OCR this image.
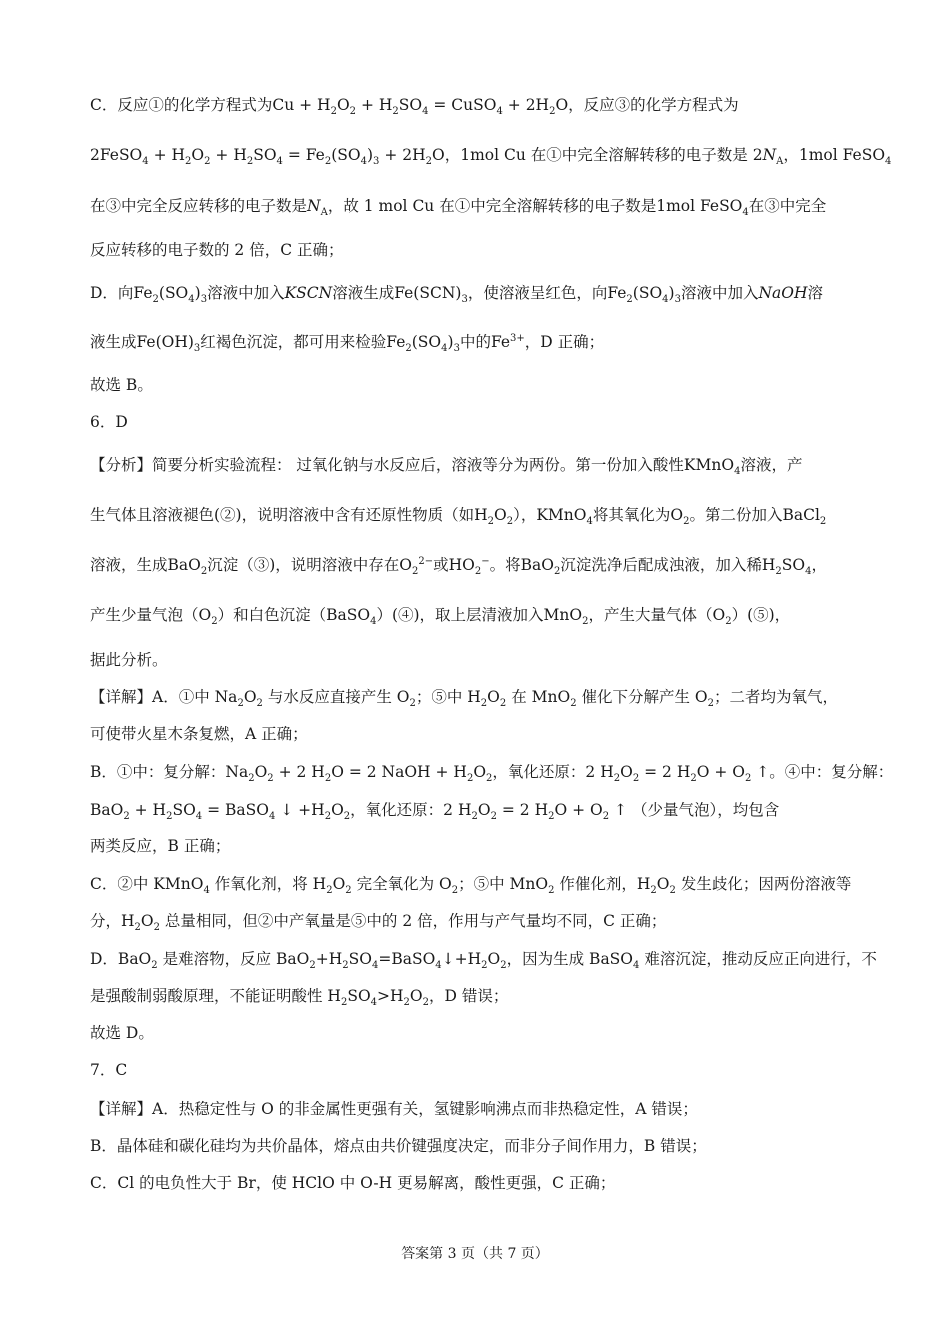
C．反应①的化学方程式为$Cu + H_2O_2 + H_2SO_4$ = CuSO$_4$ + $2H_2O$，反应③的化学方程式为
2FeSO$_4$ + $H_2O_2 + H_2SO_4 = Fe_2(SO_4)_3 + 2H_2O$，1mol Cu 在①中完全溶解转移的电子数是 $2N_A$，1mol FeSO$_4$
在③中完全反应转移的电子数是$N_A$，故 1 mol Cu 在①中完全溶解转移的电子数是1mol FeSO$_4$在③中完全
反应转移的电子数的 2 倍，C 正确；
D．向$Fe_2(SO_4)_3$溶液中加入KSCN溶液生成$Fe(SCN)_3$，使溶液呈红色，向$Fe_2(SO_4)_3$溶液中加入NaOH溶
液生成$Fe(OH)_3$红褐色沉淀，都可用来检验$Fe_2(SO_4)_3$中的$Fe^{3+}$，D 正确；
故选 B。
6．D
【分析】简要分析实验流程： 过氧化钠与水反应后，溶液等分为两份。第一份加入酸性KMnO$_4$溶液，产
生气体且溶液褪色(②)，说明溶液中含有还原性物质（如$H_2O_2$），KMnO$_4$将其氧化为$O_2$。第二份加入BaCl$_2$
溶液，生成BaO$_2$沉淀（③)，说明溶液中存在$O_2^{2-}$或$HO_2^-$。将BaO$_2$沉淀洗净后配成浊液，加入稀$H_2SO_4$，
产生少量气泡$(O_2)$和白色沉淀（BaSO$_4$）(④)，取上层清液加入MnO$_2$，产生大量气体$(O_2)(⑤)$，
据此分析。
【详解】A．①中 $Na_2O_2$ 与水反应直接产生 $O_2$；⑤中 $H_2O_2$ 在 MnO$_2$ 催化下分解产生 $O_2$；二者均为氧气，
可使带火星木条复燃，A 正确；
B．①中：复分解：$Na_2O_2 + 2$ $H_2O = 2$ NaOH + $H_2O_2$，氧化还原：2 $H_2O_2 = 2$ $H_2O + O_2$ ↑。④中：复分解：
$BaO_2 + H_2SO_4$ = BaSO$_4$ ↓ $+H_2O_2$，氧化还原：2 $H_2O_2 = 2$ $H_2O + O_2$ ↑ （少量气泡），均包含
两类反应，B 正确；
C．②中 KMnO$_4$ 作氧化剂，将 $H_2O_2$ 完全氧化为 $O_2$；⑤中 MnO$_2$ 作催化剂，$H_2O_2$ 发生歧化；因两份溶液等
分，$H_2O_2$ 总量相同，但②中产氧量是⑤中的 2 倍，作用与产气量均不同，C 正确；
D．BaO$_2$ 是难溶物，反应 $BaO_2+H_2SO_4=BaSO_4↓+H_2O_2$，因为生成 BaSO$_4$ 难溶沉淀，推动反应正向进行，不
是强酸制弱酸原理，不能证明酸性 $H_2SO_4>H_2O_2$，D 错误；
故选 D。
7．C
【详解】A．热稳定性与 O 的非金属性更强有关，氢键影响沸点而非热稳定性，A 错误；
B．晶体硅和碳化硅均为共价晶体，熔点由共价键强度决定，而非分子间作用力，B 错误；
C．Cl 的电负性大于 Br，使 HClO 中 O-H 更易解离，酸性更强，C 正确；
答案第 3 页（共 7 页）
